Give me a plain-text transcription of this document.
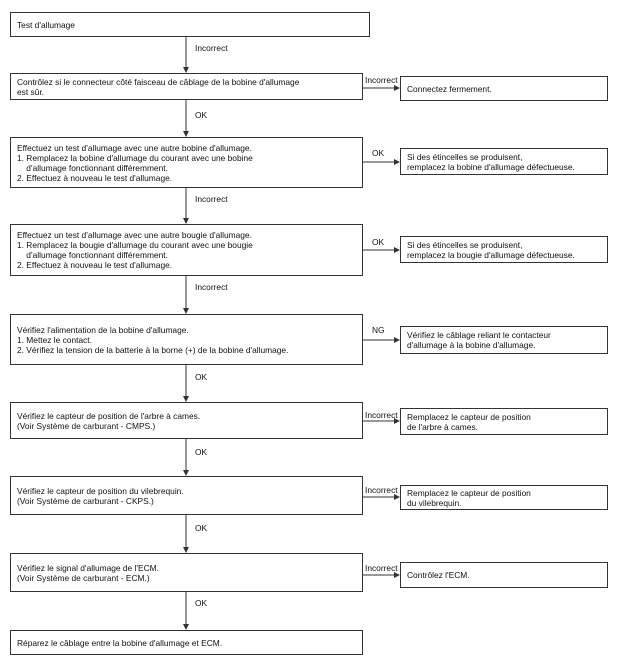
Test d'allumage
Contrôlez si le connecteur côté faisceau de câblage de la bobine d'allumage
est sûr.
Effectuez un test d'allumage avec une autre bobine d'allumage.
1. Remplacez la bobine d'allumage du courant avec une bobine
d'allumage fonctionnant différemment.
2. Effectuez à nouveau le test d'allumage.
Effectuez un test d'allumage avec une autre bougie d'allumage.
1. Remplacez la bougie d'allumage du courant avec une bougie
d'allumage fonctionnant différemment.
2. Effectuez à nouveau le test d'allumage.
Vérifiez l'alimentation de la bobine d'allumage.
1. Mettez le contact.
2. Vérifiez la tension de la batterie à la borne (+) de la bobine d'allumage.
Vérifiez le capteur de position de l'arbre à cames.
(Voir Système de carburant - CMPS.)
Vérifiez le capteur de position du vilebrequin.
(Voir Système de carburant - CKPS.)
Vérifiez le signal d'allumage de l'ECM.
(Voir Système de carburant - ECM.)
Réparez le câblage entre la bobine d'allumage et ECM.
Incorrect
OK
Incorrect
Incorrect
OK
OK
OK
OK
Connectez fermement.
Si des étincelles se produisent,
remplacez la bobine d'allumage défectueuse.
Si des étincelles se produisent,
remplacez la bougie d'allumage défectueuse.
Vérifiez le câblage reliant le contacteur
d'allumage à la bobine d'allumage.
Remplacez le capteur de position
de l'arbre à cames.
Remplacez le capteur de position
du vilebrequin.
Contrôlez l'ECM.
Incorrect
OK
OK
NG
Incorrect
Incorrect
Incorrect
